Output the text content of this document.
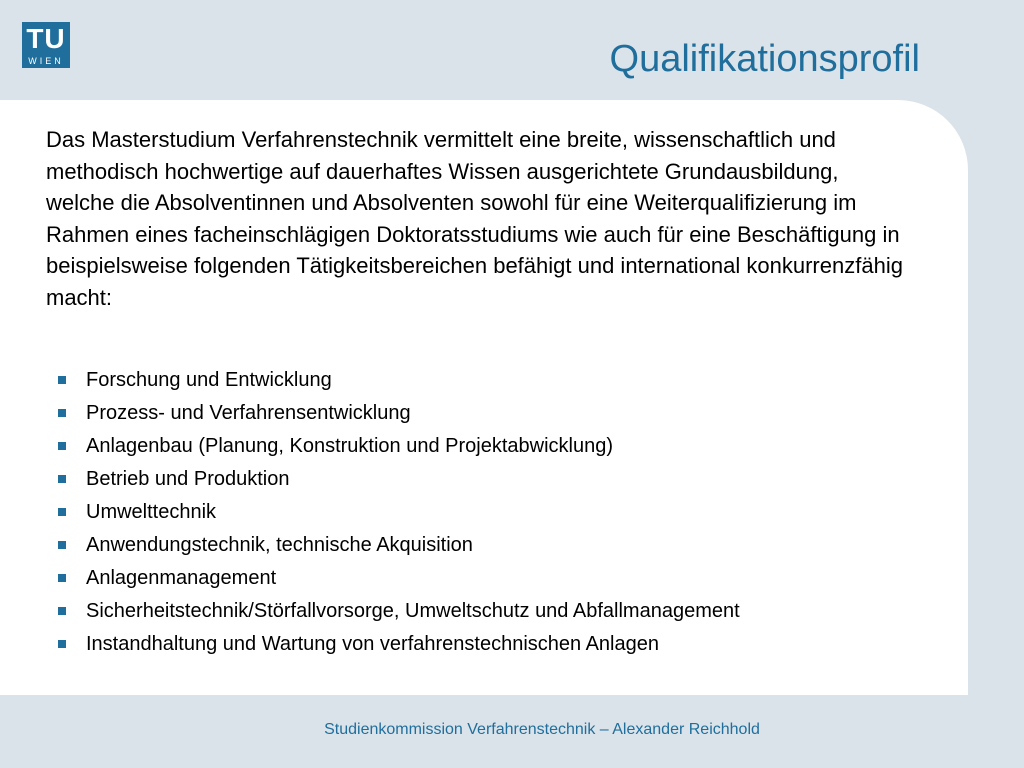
TU
WIEN	Qualifikationsprofil

Das Masterstudium Verfahrenstechnik vermittelt eine breite, wissenschaftlich und methodisch hochwertige auf dauerhaftes Wissen ausgerichtete Grundausbildung, welche die Absolventinnen und Absolventen sowohl für eine Weiterqualifizierung im Rahmen eines facheinschlägigen Doktoratsstudiums wie auch für eine Beschäftigung in beispielsweise folgenden Tätigkeitsbereichen befähigt und international konkurrenzfähig macht:

Forschung und Entwicklung
Prozess- und Verfahrensentwicklung
Anlagenbau (Planung, Konstruktion und Projektabwicklung)
Betrieb und Produktion
Umwelttechnik
Anwendungstechnik, technische Akquisition
Anlagenmanagement
Sicherheitstechnik/Störfallvorsorge, Umweltschutz und Abfallmanagement
Instandhaltung und Wartung von verfahrenstechnischen Anlagen
Studienkommission Verfahrenstechnik – Alexander Reichhold
